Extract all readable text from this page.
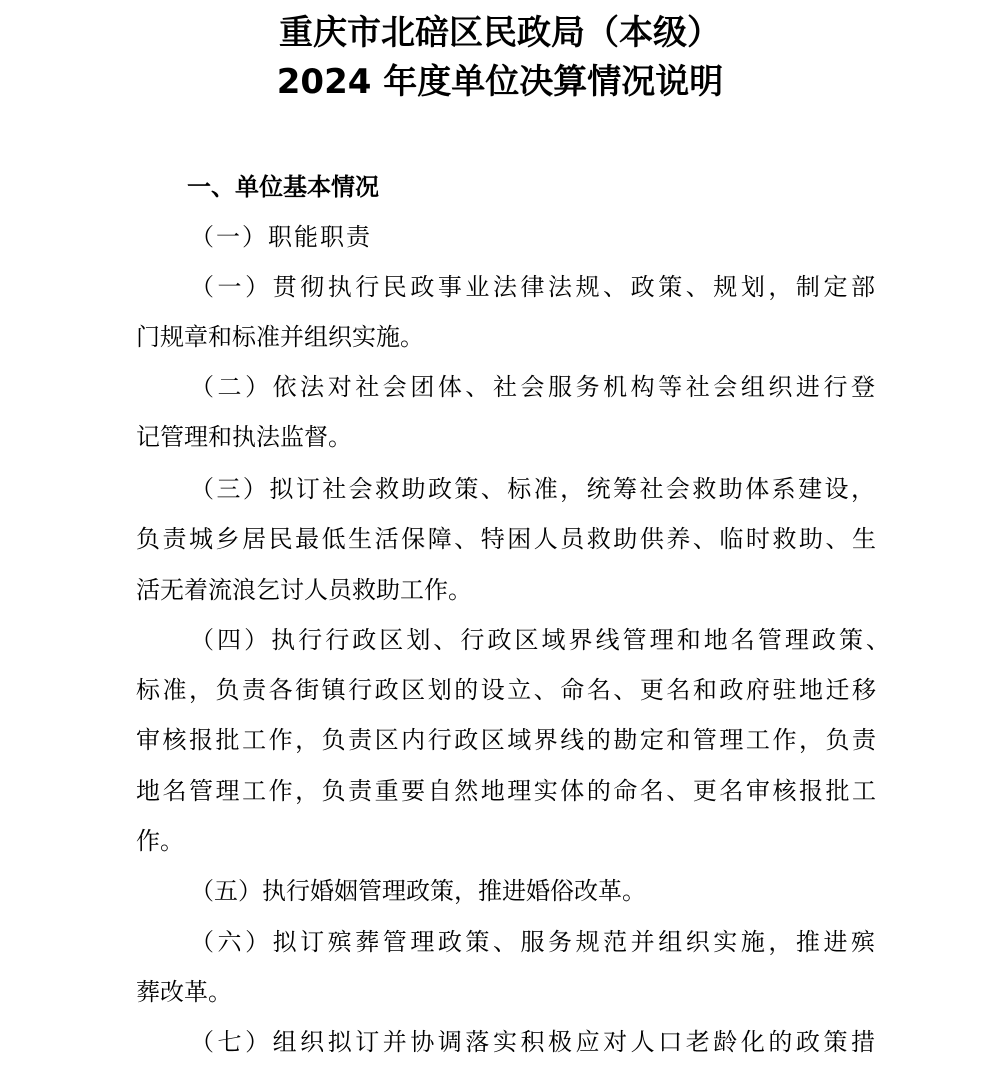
重庆市北碚区民政局（本级）
2024 年度单位决算情况说明
一、单位基本情况
（一）职能职责
（一）贯彻执行民政事业法律法规、政策、规划，制定部
门规章和标准并组织实施。
（二）依法对社会团体、社会服务机构等社会组织进行登
记管理和执法监督。
（三）拟订社会救助政策、标准，统筹社会救助体系建设，
负责城乡居民最低生活保障、特困人员救助供养、临时救助、生
活无着流浪乞讨人员救助工作。
（四）执行行政区划、行政区域界线管理和地名管理政策、
标准，负责各街镇行政区划的设立、命名、更名和政府驻地迁移
审核报批工作，负责区内行政区域界线的勘定和管理工作，负责
地名管理工作，负责重要自然地理实体的命名、更名审核报批工
作。
（五）执行婚姻管理政策，推进婚俗改革。
（六）拟订殡葬管理政策、服务规范并组织实施，推进殡
葬改革。
（七）组织拟订并协调落实积极应对人口老龄化的政策措
